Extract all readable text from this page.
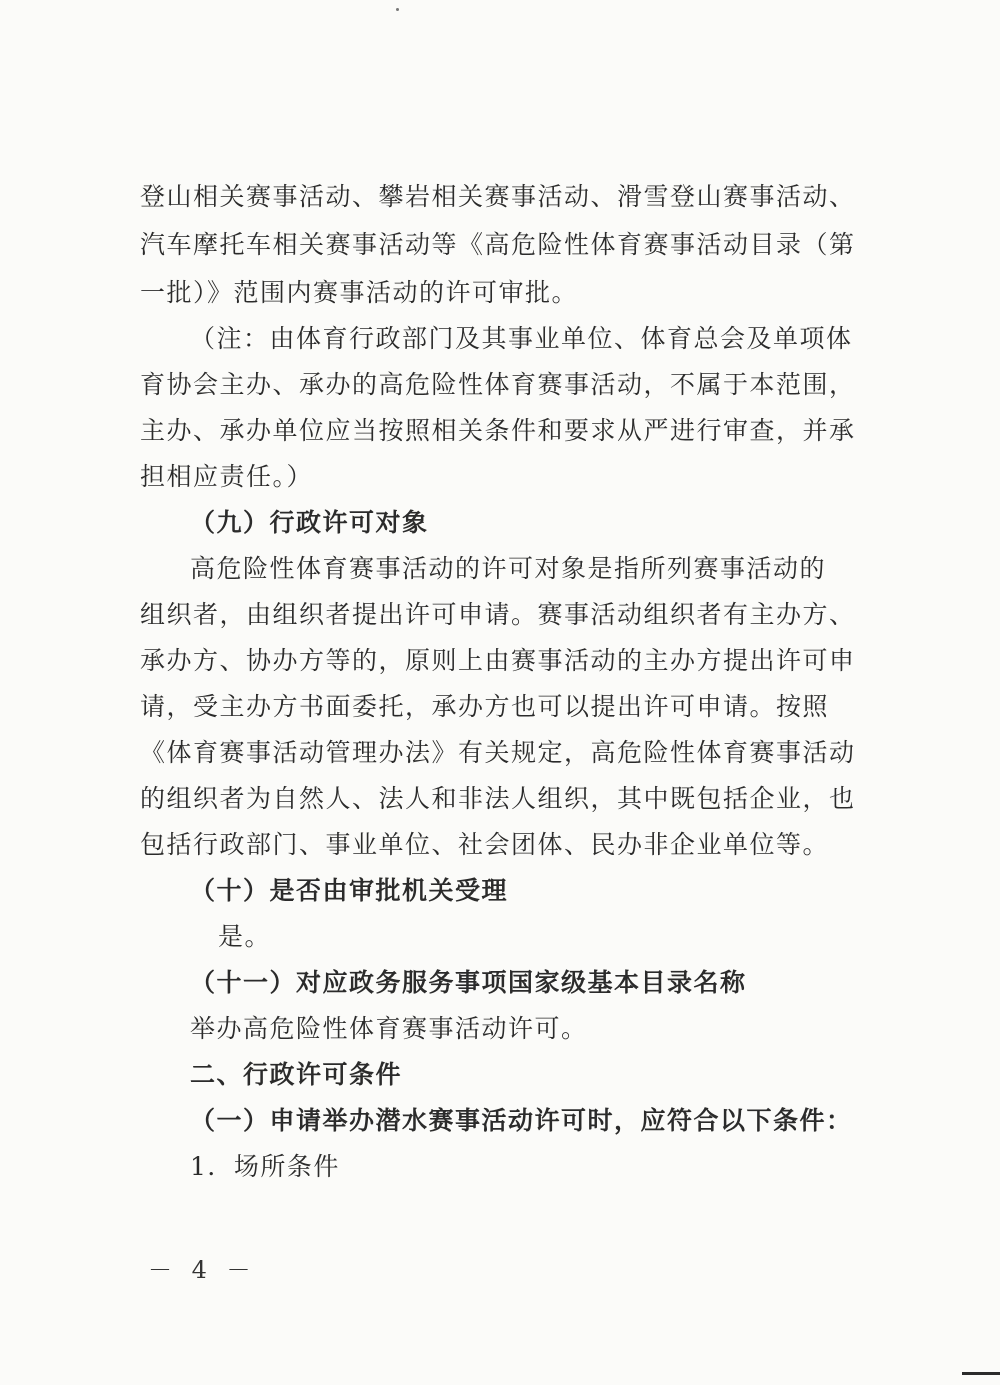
登山相关赛事活动、攀岩相关赛事活动、滑雪登山赛事活动、
汽车摩托车相关赛事活动等《高危险性体育赛事活动目录（第
一批）》范围内赛事活动的许可审批。
（注：由体育行政部门及其事业单位、体育总会及单项体
育协会主办、承办的高危险性体育赛事活动，不属于本范围，
主办、承办单位应当按照相关条件和要求从严进行审查，并承
担相应责任。）
（九）行政许可对象
高危险性体育赛事活动的许可对象是指所列赛事活动的
组织者，由组织者提出许可申请。赛事活动组织者有主办方、
承办方、协办方等的，原则上由赛事活动的主办方提出许可申
请，受主办方书面委托，承办方也可以提出许可申请。按照
《体育赛事活动管理办法》有关规定，高危险性体育赛事活动
的组织者为自然人、法人和非法人组织，其中既包括企业，也
包括行政部门、事业单位、社会团体、民办非企业单位等。
（十）是否由审批机关受理
是。
（十一）对应政务服务事项国家级基本目录名称
举办高危险性体育赛事活动许可。
二、行政许可条件
（一）申请举办潜水赛事活动许可时，应符合以下条件：
1．场所条件
－ 4 －
